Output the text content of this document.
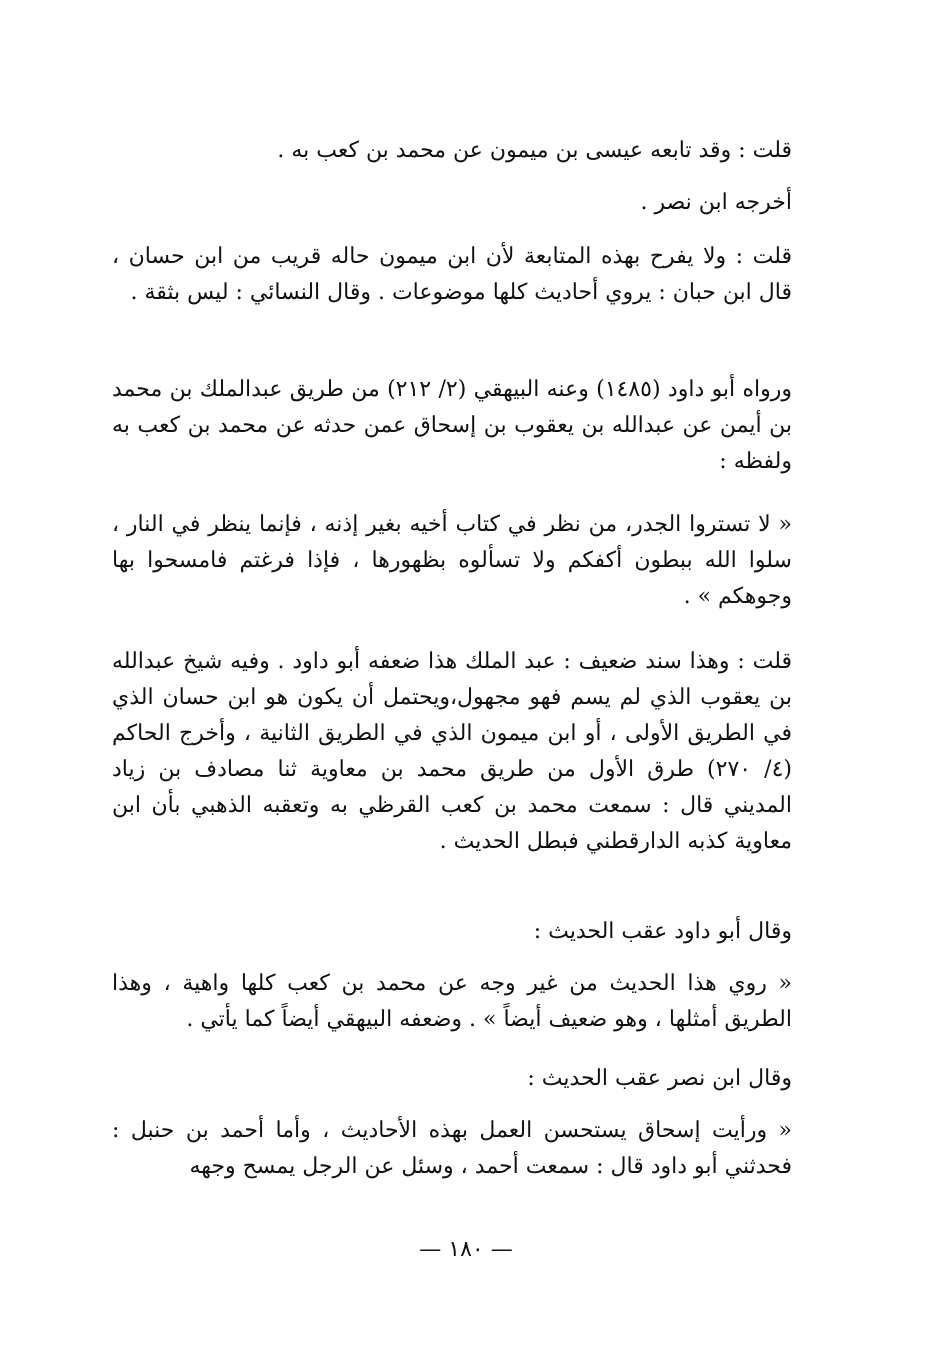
قلت : وقد تابعه عيسى بن ميمون عن محمد بن كعب به .

أخرجه ابن نصر .

قلت : ولا يفرح بهذه المتابعة لأن ابن ميمون حاله قريب من ابن حسان ، قال ابن حبان : يروي أحاديث كلها موضوعات . وقال النسائي : ليس بثقة .

ورواه أبو داود (١٤٨٥) وعنه البيهقي (٢/ ٢١٢) من طريق عبدالملك بن محمد بن أيمن عن عبدالله بن يعقوب بن إسحاق عمن حدثه عن محمد بن كعب به ولفظه :

« لا تستروا الجدر، من نظر في كتاب أخيه بغير إذنه ، فإنما ينظر في النار ، سلوا الله ببطون أكفكم ولا تسألوه بظهورها ، فإذا فرغتم فامسحوا بها وجوهكم » .

قلت : وهذا سند ضعيف : عبد الملك هذا ضعفه أبو داود . وفيه شيخ عبدالله بن يعقوب الذي لم يسم فهو مجهول،ويحتمل أن يكون هو ابن حسان الذي في الطريق الأولى ، أو ابن ميمون الذي في الطريق الثانية ، وأخرج الحاكم (٤/ ٢٧٠) طرق الأول من طريق محمد بن معاوية ثنا مصادف بن زياد المديني قال : سمعت محمد بن كعب القرظي به وتعقبه الذهبي بأن ابن معاوية كذبه الدارقطني فبطل الحديث .

وقال أبو داود عقب الحديث :

« روي هذا الحديث من غير وجه عن محمد بن كعب كلها واهية ، وهذا الطريق أمثلها ، وهو ضعيف أيضاً » . وضعفه البيهقي أيضاً كما يأتي .

وقال ابن نصر عقب الحديث :

« ورأيت إسحاق يستحسن العمل بهذه الأحاديث ، وأما أحمد بن حنبل : فحدثني أبو داود قال : سمعت أحمد ، وسئل عن الرجل يمسح وجهه

— ١٨٠ —
